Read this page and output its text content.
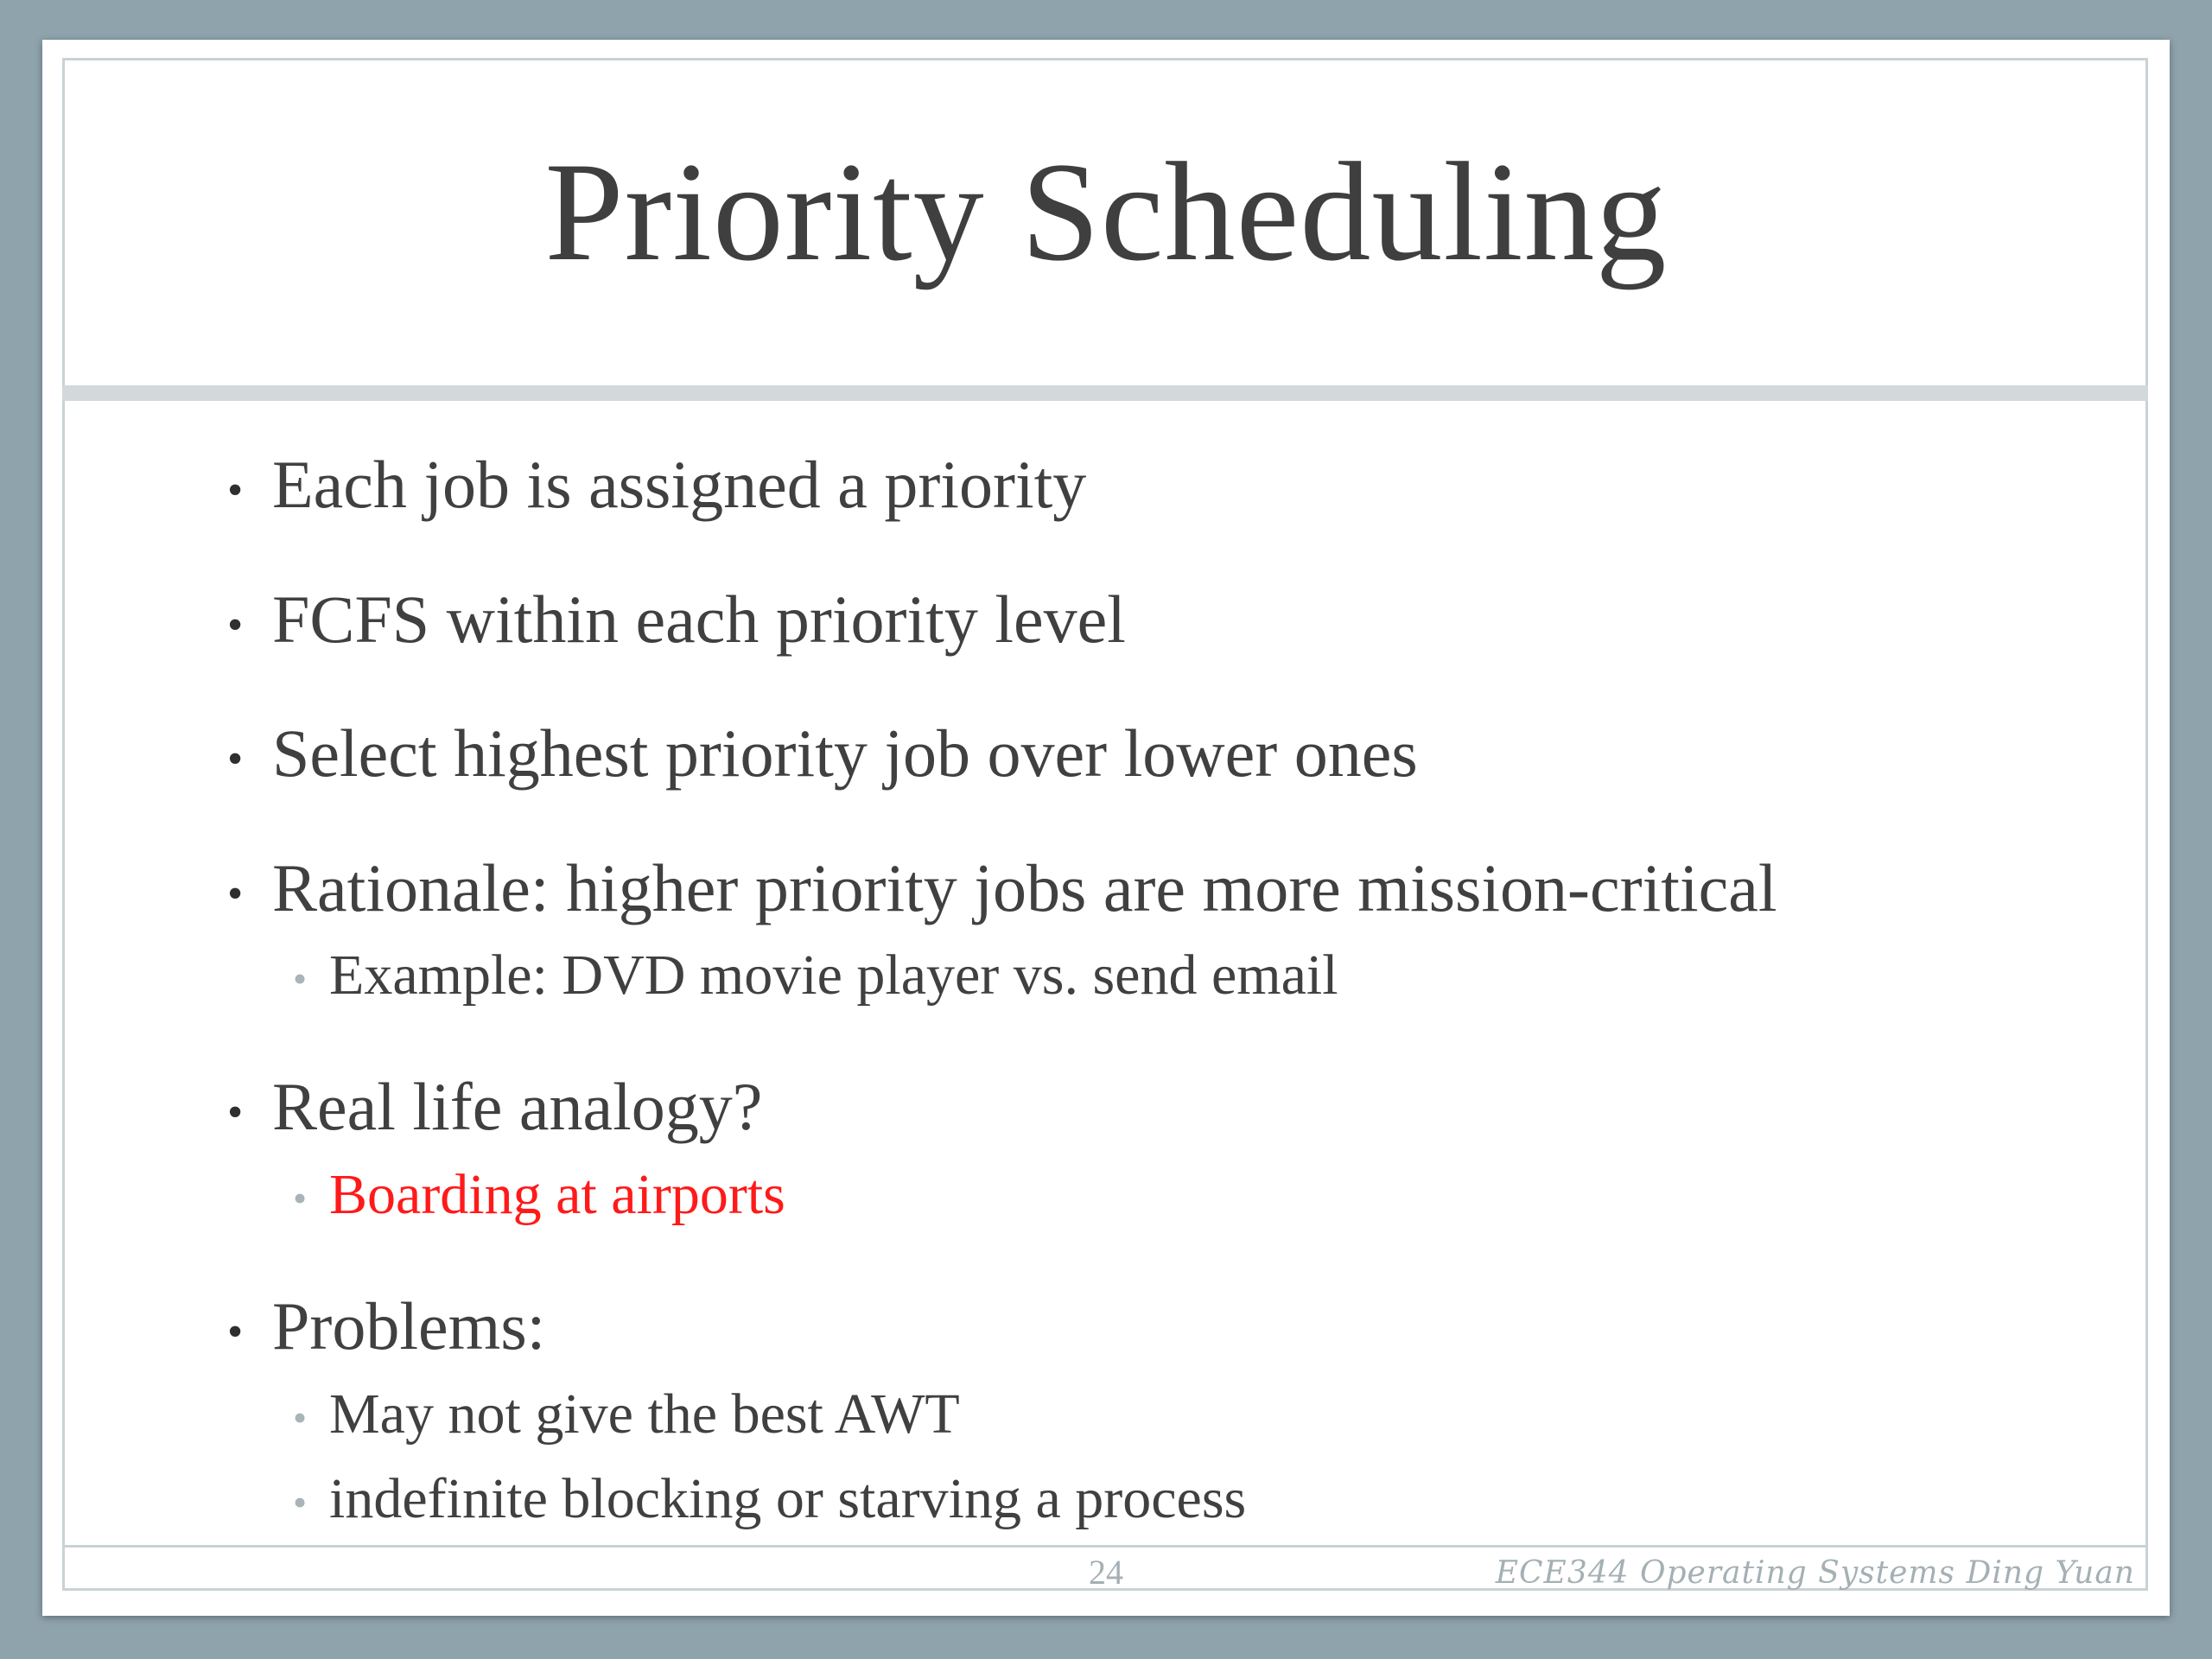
Priority Scheduling
• Each job is assigned a priority
• FCFS within each priority level
• Select highest priority job over lower ones
• Rationale: higher priority jobs are more mission-critical
• Example: DVD movie player vs. send email
• Real life analogy?
• Boarding at airports
• Problems:
• May not give the best AWT
• indefinite blocking or starving a process
24	ECE344 Operating Systems Ding Yuan
